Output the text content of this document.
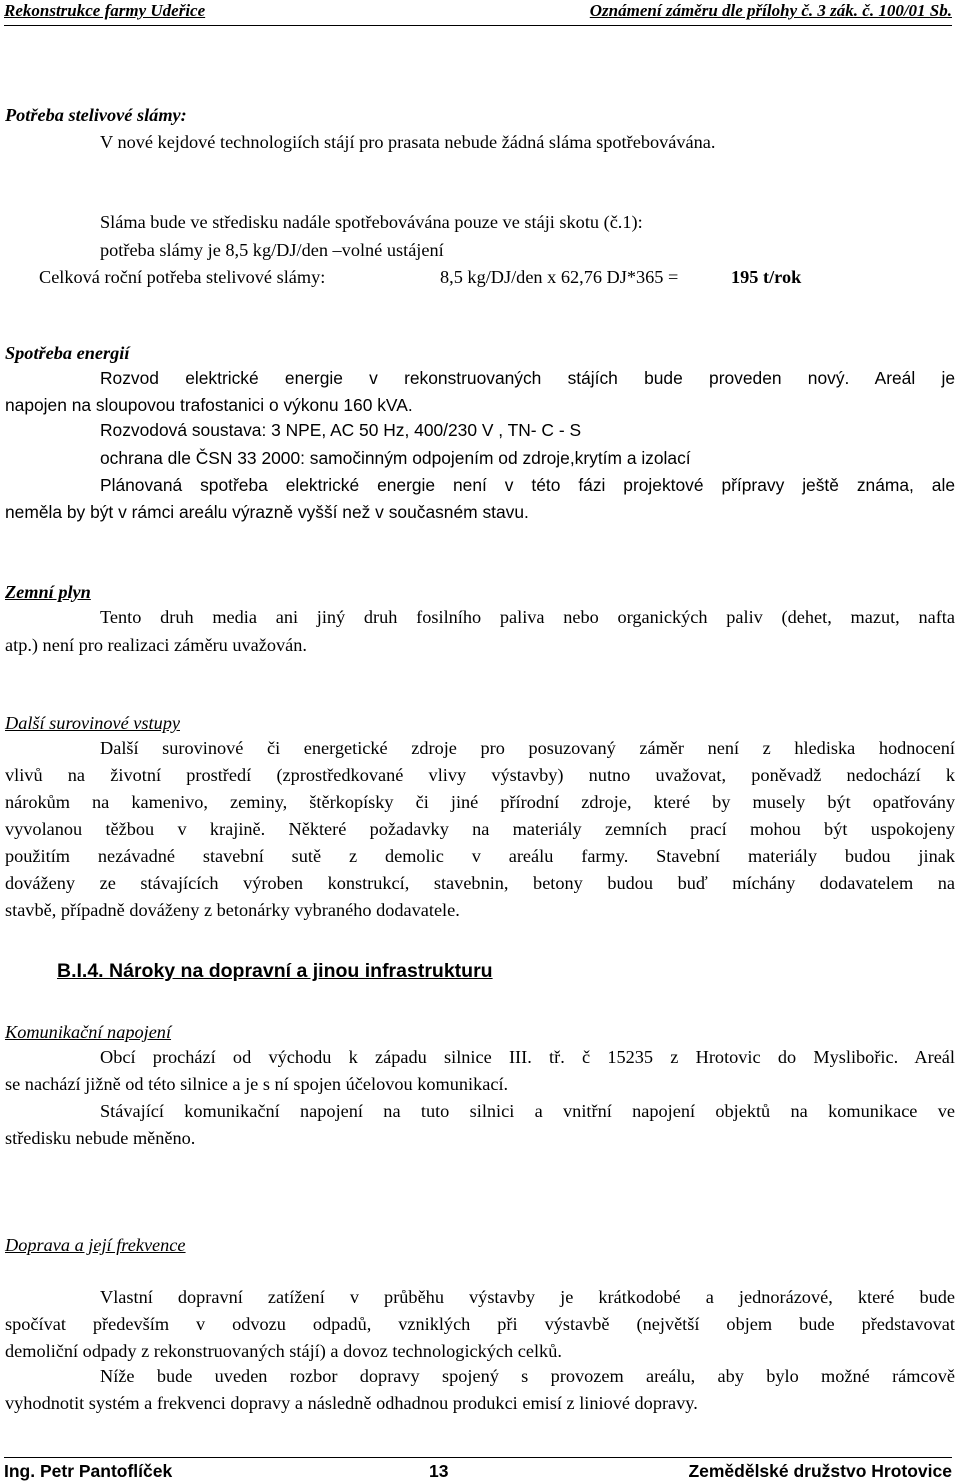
Rekonstrukce farmy Udeřice	Oznámení záměru dle přílohy č. 3 zák. č. 100/01 Sb.
Potřeba stelivové slámy:
V nové kejdové technologiích stájí pro prasata nebude žádná sláma spotřebovávána.
Sláma bude ve středisku nadále spotřebovávána pouze ve stáji skotu (č.1):
potřeba slámy je 8,5 kg/DJ/den –volné ustájení
Celková roční potřeba stelivové slámy:	8,5 kg/DJ/den x 62,76 DJ*365 =	195 t/rok
Spotřeba energií
Rozvod elektrické energie v rekonstruovaných stájích bude proveden nový. Areál je
napojen na sloupovou trafostanici o výkonu 160 kVA.
Rozvodová soustava: 3 NPE, AC 50 Hz, 400/230 V , TN- C - S
ochrana dle ČSN 33 2000: samočinným odpojením od zdroje,krytím a izolací
Plánovaná spotřeba elektrické energie není v této fázi projektové přípravy ještě známa, ale
neměla by být v rámci areálu výrazně vyšší než v současném stavu.
Zemní plyn
Tento druh media ani jiný druh fosilního paliva nebo organických paliv (dehet, mazut, nafta
atp.) není pro realizaci záměru uvažován.
Další surovinové vstupy
Další surovinové či energetické zdroje pro posuzovaný záměr není z hlediska hodnocení
vlivů na životní prostředí (zprostředkované vlivy výstavby) nutno uvažovat, poněvadž nedochází k
nárokům na kamenivo, zeminy, štěrkopísky či jiné přírodní zdroje, které by musely být opatřovány
vyvolanou těžbou v krajině. Některé požadavky na materiály zemních prací mohou být uspokojeny
použitím nezávadné stavební sutě z demolic v areálu farmy. Stavební materiály budou jinak
dováženy ze stávajících výroben konstrukcí, stavebnin, betony budou buď míchány dodavatelem na
stavbě, případně dováženy z betonárky vybraného dodavatele.
B.I.4. Nároky na dopravní a jinou infrastrukturu
Komunikační napojení
Obcí prochází od východu k západu silnice III. tř. č 15235 z Hrotovic do Myslibořic. Areál
se nachází jižně od této silnice a je s ní spojen účelovou komunikací.
Stávající komunikační napojení na tuto silnici a vnitřní napojení objektů na komunikace ve
středisku nebude měněno.
Doprava a její frekvence
Vlastní dopravní zatížení v průběhu výstavby je krátkodobé a jednorázové, které bude
spočívat především v odvozu odpadů, vzniklých při výstavbě (největší objem bude představovat
demoliční odpady z rekonstruovaných stájí) a dovoz technologických celků.
Níže bude uveden rozbor dopravy spojený s provozem areálu, aby bylo možné rámcově
vyhodnotit systém a frekvenci dopravy a následně odhadnou produkci emisí z liniové dopravy.
Ing. Petr Pantoflíček	13	Zemědělské družstvo Hrotovice
